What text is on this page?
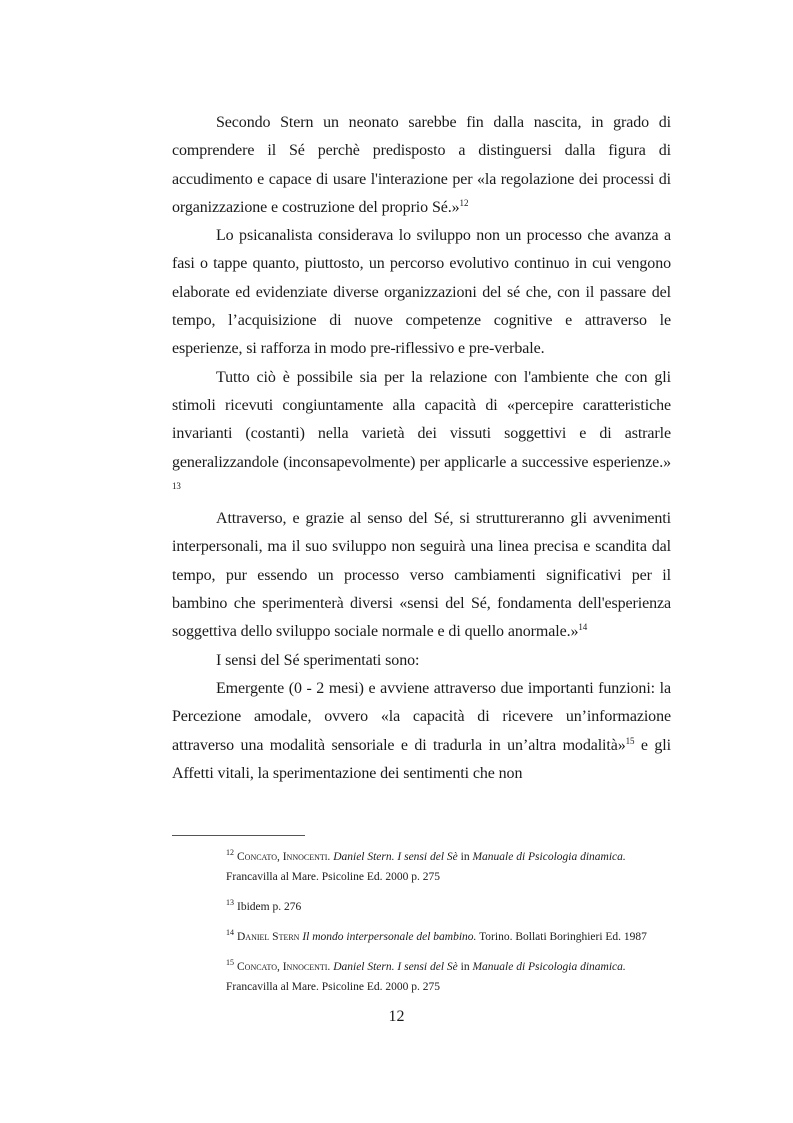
Secondo Stern un neonato sarebbe fin dalla nascita, in grado di comprendere il Sé perchè predisposto a distinguersi dalla figura di accudimento e capace di usare l'interazione per «la regolazione dei processi di organizzazione e costruzione del proprio Sé.»$^{12}$

Lo psicanalista considerava lo sviluppo non un processo che avanza a fasi o tappe quanto, piuttosto, un percorso evolutivo continuo in cui vengono elaborate ed evidenziate diverse organizzazioni del sé che, con il passare del tempo, l’acquisizione di nuove competenze cognitive e attraverso le esperienze, si rafforza in modo pre-riflessivo e pre-verbale.

Tutto ciò è possibile sia per la relazione con l'ambiente che con gli stimoli ricevuti congiuntamente alla capacità di «percepire caratteristiche invarianti (costanti) nella varietà dei vissuti soggettivi e di astrarle generalizzandole (inconsapevolmente) per applicarle a successive esperienze.» $^{13}$

Attraverso, e grazie al senso del Sé, si struttureranno gli avvenimenti interpersonali, ma il suo sviluppo non seguirà una linea precisa e scandita dal tempo, pur essendo un processo verso cambiamenti significativi per il bambino che sperimenterà diversi «sensi del Sé, fondamenta dell'esperienza soggettiva dello sviluppo sociale normale e di quello anormale.»$^{14}$

I sensi del Sé sperimentati sono:

Emergente (0 - 2 mesi) e avviene attraverso due importanti funzioni: la Percezione amodale, ovvero «la capacità di ricevere un’informazione attraverso una modalità sensoriale e di tradurla in un’altra modalità»$^{15}$ e gli Affetti vitali, la sperimentazione dei sentimenti che non

$^{12}$ Concato, Innocenti. Daniel Stern. I sensi del Sè in Manuale di Psicologia dinamica. Francavilla al Mare. Psicoline Ed. 2000 p. 275

$^{13}$ Ibidem p. 276

$^{14}$ Daniel Stern Il mondo interpersonale del bambino. Torino. Bollati Boringhieri Ed. 1987

$^{15}$ Concato, Innocenti. Daniel Stern. I sensi del Sè in Manuale di Psicologia dinamica. Francavilla al Mare. Psicoline Ed. 2000 p. 275

12
